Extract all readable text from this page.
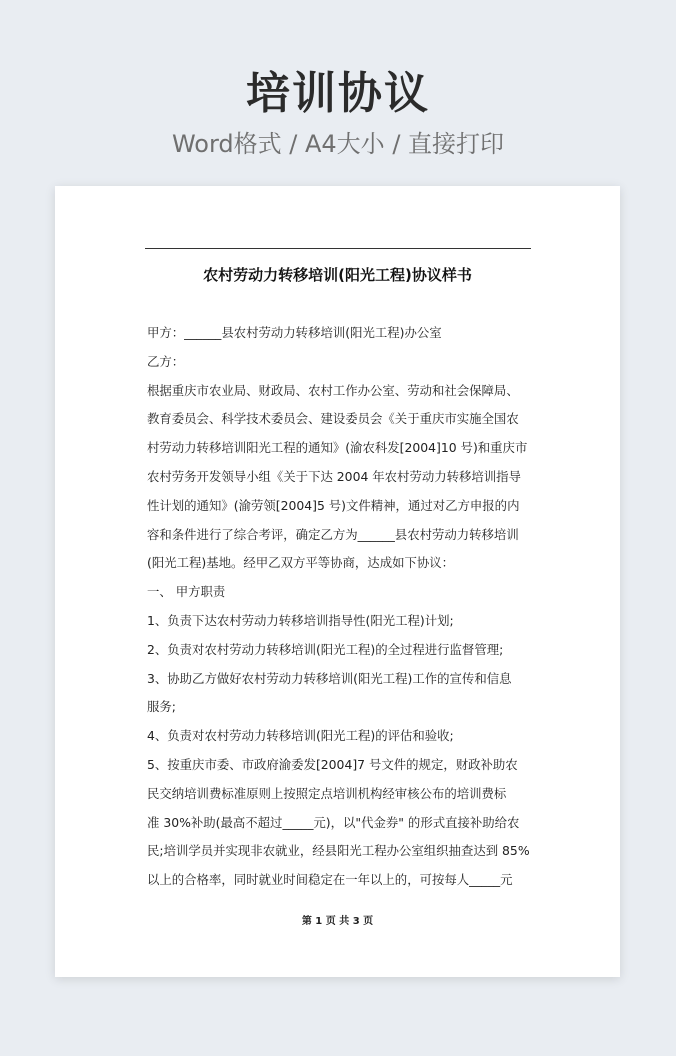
培训协议
Word格式 / A4大小 / 直接打印
农村劳动力转移培训(阳光工程)协议样书
甲方：______县农村劳动力转移培训(阳光工程)办公室
乙方：
根据重庆市农业局、财政局、农村工作办公室、劳动和社会保障局、
教育委员会、科学技术委员会、建设委员会《关于重庆市实施全国农
村劳动力转移培训阳光工程的通知》(渝农科发[2004]10 号)和重庆市
农村劳务开发领导小组《关于下达 2004 年农村劳动力转移培训指导
性计划的通知》(渝劳领[2004]5 号)文件精神，通过对乙方申报的内
容和条件进行了综合考评，确定乙方为______县农村劳动力转移培训
(阳光工程)基地。经甲乙双方平等协商，达成如下协议：
一、 甲方职责
1、负责下达农村劳动力转移培训指导性(阳光工程)计划;
2、负责对农村劳动力转移培训(阳光工程)的全过程进行监督管理;
3、协助乙方做好农村劳动力转移培训(阳光工程)工作的宣传和信息
服务;
4、负责对农村劳动力转移培训(阳光工程)的评估和验收;
5、按重庆市委、市政府渝委发[2004]7 号文件的规定，财政补助农
民交纳培训费标准原则上按照定点培训机构经审核公布的培训费标
准 30%补助(最高不超过_____元)，以"代金券" 的形式直接补助给农
民;培训学员并实现非农就业，经县阳光工程办公室组织抽查达到 85%
以上的合格率，同时就业时间稳定在一年以上的，可按每人_____元
第 1 页 共 3 页
